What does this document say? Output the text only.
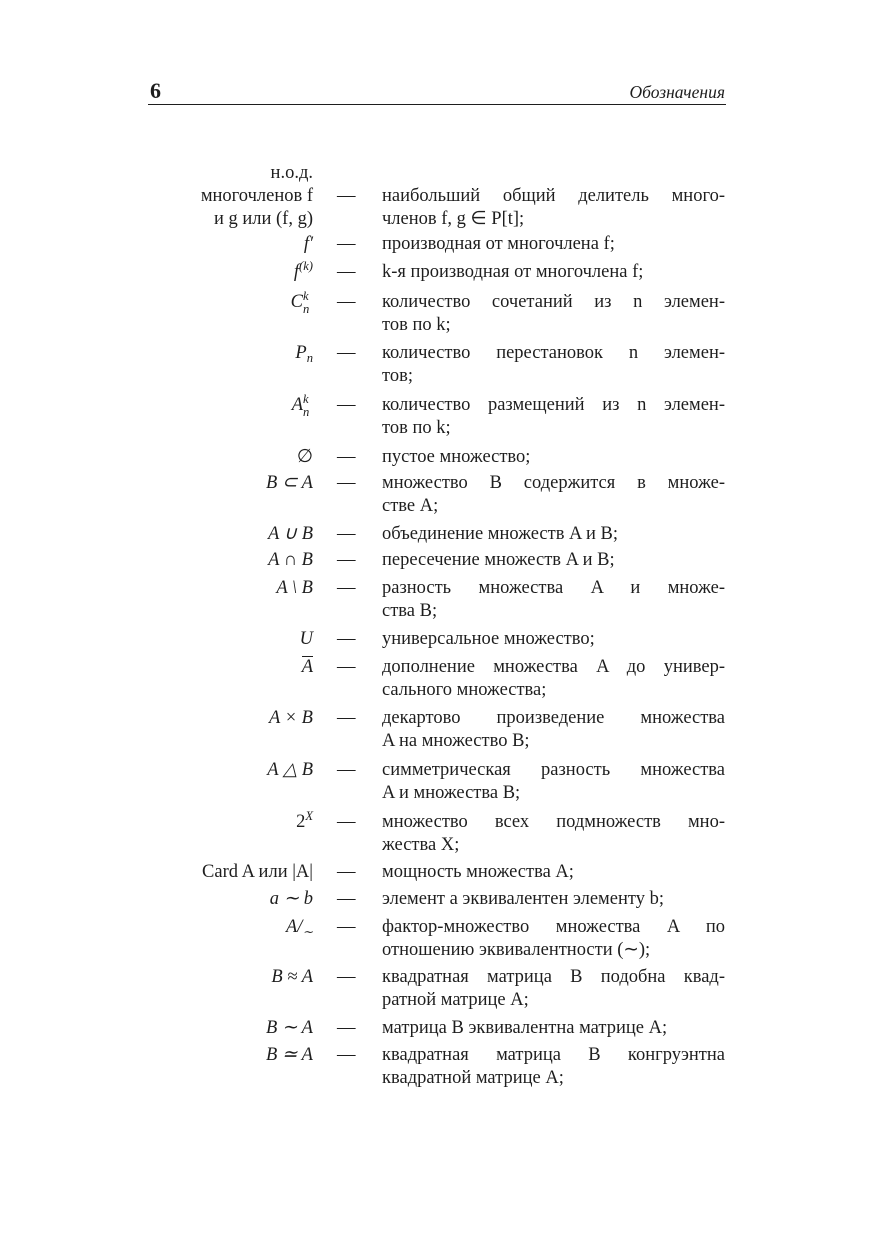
6	Обозначения
н.о.д.
многочленов f
и g или (f, g)
— наибольший общий делитель много-
членов f, g ∈ P[t];
f′ — производная от многочлена f;
$f^{(k)}$ — k-я производная от многочлена f;
C k
n — количество сочетаний из n элемен-
тов по k;
$P_n$ — количество перестановок n элемен-
тов;
A k
n — количество размещений из n элемен-
тов по k;
∅ — пустое множество;
B ⊂ A — множество B содержится в множе-
стве A;
A ∪ B — объединение множеств A и B;
A ∩ B — пересечение множеств A и B;
A \ B — разность множества A и множе-
ства B;
U — универсальное множество;
A — дополнение множества A до универ-
сального множества;
A × B — декартово произведение множества
A на множество B;
A △ B — симметрическая разность множества
A и множества B;
$2^X$ — множество всех подмножеств мно-
жества X;
Card A или |A| — мощность множества A;
a ∼ b — элемент a эквивалентен элементу b;
$A/_\sim$ — фактор-множество множества A по
отношению эквивалентности (∼);
B ≈ A — квадратная матрица B подобна квад-
ратной матрице A;
B ∼ A — матрица B эквивалентна матрице A;
B ≃ A — квадратная матрица B конгруэнтна
квадратной матрице A;
